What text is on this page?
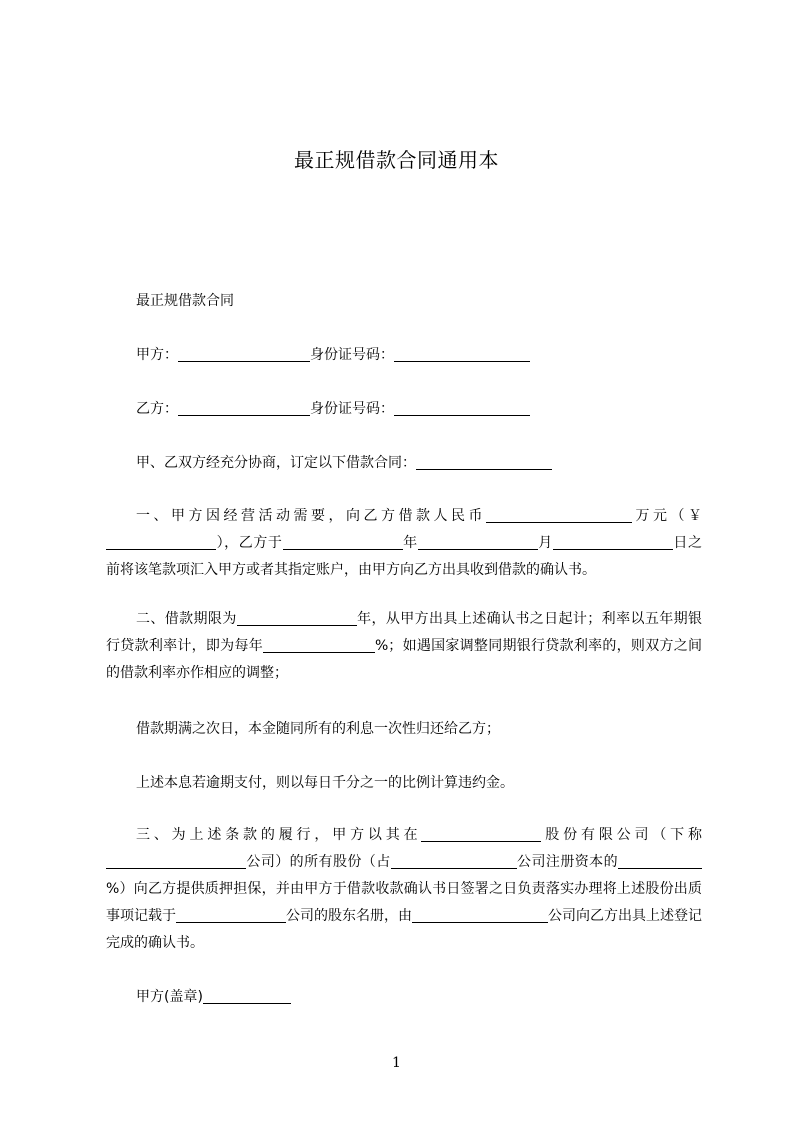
最正规借款合同通用本

最正规借款合同

甲方：	身份证号码：

乙方：	身份证号码：

甲、乙双方经充分协商，订定以下借款合同：

一、甲方因经营活动需要，向乙方借款人民币	万元（￥），乙方于	年	月	日之前将该笔款项汇入甲方或者其指定账户，由甲方向乙方出具收到借款的确认书。

二、借款期限为	年，从甲方出具上述确认书之日起计；利率以五年期银行贷款利率计，即为每年	%；如遇国家调整同期银行贷款利率的，则双方之间的借款利率亦作相应的调整；

借款期满之次日，本金随同所有的利息一次性归还给乙方；

上述本息若逾期支付，则以每日千分之一的比例计算违约金。

三、为上述条款的履行，甲方以其在	股份有限公司（下称公司）的所有股份（占	公司注册资本的%）向乙方提供质押担保，并由甲方于借款收款确认书日签署之日负责落实办理将上述股份出质事项记载于	公司的股东名册，由	公司向乙方出具上述登记完成的确认书。

甲方(盖章)

1
